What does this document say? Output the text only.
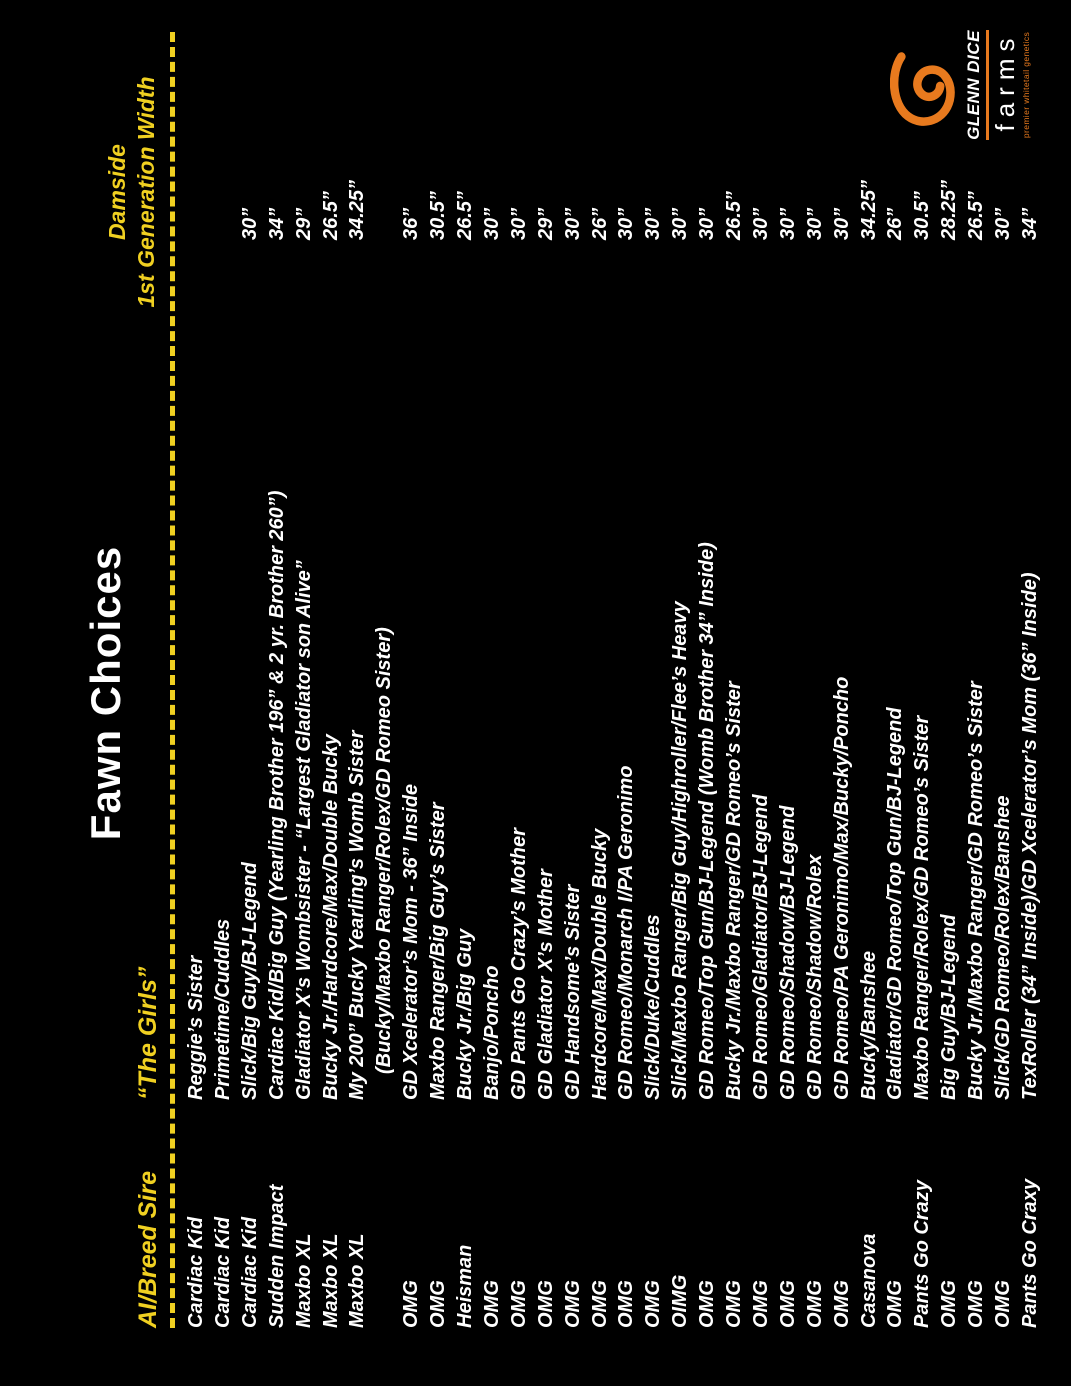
Fawn Choices
AI/Breed Sire
“The Girls”
Damside 1st Generation Width
Cardiac Kid
Reggie’s Sister
Cardiac Kid
Primetime/Cuddles
Cardiac Kid
Slick/Big Guy/BJ-Legend
30”
Sudden Impact
Cardiac Kid/Big Guy (Yearling Brother 196” & 2 yr. Brother 260”)
34”
Maxbo XL
Gladiator X’s Wombsister - “Largest Gladiator son Alive”
29”
Maxbo XL
Bucky Jr./Hardcore/Max/Double Bucky
26.5”
Maxbo XL
My 200” Bucky Yearling’s Womb Sister
34.25”
(Bucky/Maxbo Ranger/Rolex/GD Romeo Sister)
OMG
GD Xcelerator’s Mom - 36” Inside
36”
OMG
Maxbo Ranger/Big Guy’s Sister
30.5”
Heisman
Bucky Jr./Big Guy
26.5”
OMG
Banjo/Poncho
30”
OMG
GD Pants Go Crazy’s Mother
30”
OMG
GD Gladiator X’s Mother
29”
OMG
GD Handsome’s Sister
30”
OMG
Hardcore/Max/Double Bucky
26”
OMG
GD Romeo/Monarch I/PA Geronimo
30”
OMG
Slick/Duke/Cuddles
30”
OIMG
Slick/Maxbo Ranger/Big Guy/Highroller/Flee’s Heavy
30”
OMG
GD Romeo/Top Gun/BJ-Legend (Womb Brother 34” Inside)
30”
OMG
Bucky Jr./Maxbo Ranger/GD Romeo’s Sister
26.5”
OMG
GD Romeo/Gladiator/BJ-Legend
30”
OMG
GD Romeo/Shadow/BJ-Legend
30”
OMG
GD Romeo/Shadow/Rolex
30”
OMG
GD Romeo/PA Geronimo/Max/Bucky/Poncho
30”
Casanova
Bucky/Banshee
34.25”
OMG
Gladiator/GD Romeo/Top Gun/BJ-Legend
26”
Pants Go Crazy
Maxbo Ranger/Rolex/GD Romeo’s Sister
30.5”
OMG
Big Guy/BJ-Legend
28.25”
OMG
Bucky Jr./Maxbo Ranger/GD Romeo’s Sister
26.5”
OMG
Slick/GD Romeo/Rolex/Banshee
30”
Pants Go Craxy
TexRoller (34” Inside)/GD Xcelerator’s Mom (36” Inside)
34”
GLENN DICE farms premier whitetail genetics
